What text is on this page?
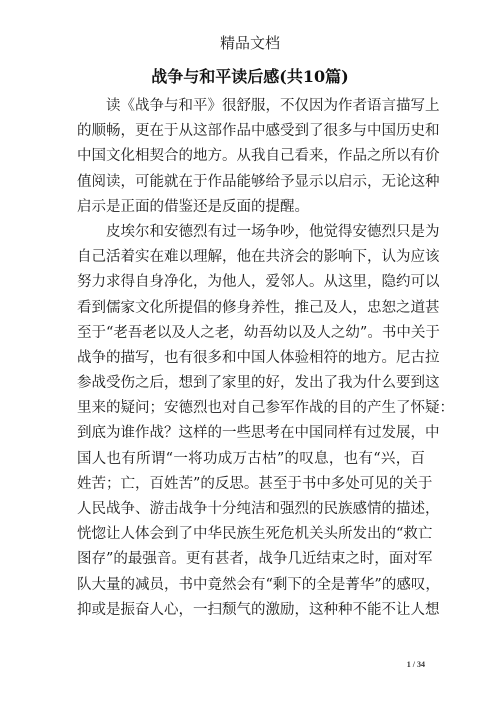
精品文档
战争与和平读后感(共10篇)
读《战争与和平》很舒服，不仅因为作者语言描写上
的顺畅，更在于从这部作品中感受到了很多与中国历史和
中国文化相契合的地方。从我自己看来，作品之所以有价
值阅读，可能就在于作品能够给予显示以启示，无论这种
启示是正面的借鉴还是反面的提醒。
皮埃尔和安德烈有过一场争吵，他觉得安德烈只是为
自己活着实在难以理解，他在共济会的影响下，认为应该
努力求得自身净化，为他人，爱邻人。从这里，隐约可以
看到儒家文化所提倡的修身养性，推己及人，忠恕之道甚
至于“老吾老以及人之老，幼吾幼以及人之幼”。书中关于
战争的描写，也有很多和中国人体验相符的地方。尼古拉
参战受伤之后，想到了家里的好，发出了我为什么要到这
里来的疑问；安德烈也对自己参军作战的目的产生了怀疑：
到底为谁作战？这样的一些思考在中国同样有过发展，中
国人也有所谓“一将功成万古枯”的叹息，也有“兴，百
姓苦；亡，百姓苦”的反思。甚至于书中多处可见的关于
人民战争、游击战争十分纯洁和强烈的民族感情的描述，
恍惚让人体会到了中华民族生死危机关头所发出的“救亡
图存”的最强音。更有甚者，战争几近结束之时，面对军
队大量的减员，书中竟然会有“剩下的全是菁华”的感叹，
抑或是振奋人心，一扫颓气的激励，这种种不能不让人想
1 / 34
